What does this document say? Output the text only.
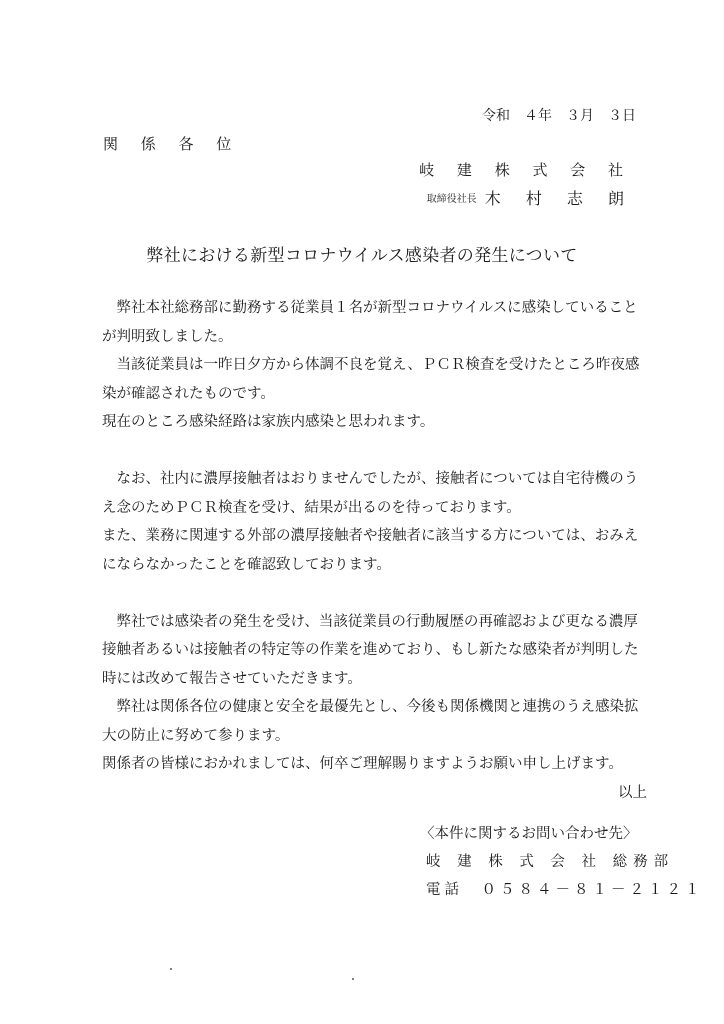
令和　４年　３月　３日
関 係 各 位
岐 建 株 式 会 社
取締役社長 木 村 志 朗
弊社における新型コロナウイルス感染者の発生について

　弊社本社総務部に勤務する従業員１名が新型コロナウイルスに感染していることが判明致しました。

　当該従業員は一昨日夕方から体調不良を覚え、ＰＣＲ検査を受けたところ昨夜感染が確認されたものです。

現在のところ感染経路は家族内感染と思われます。

　なお、社内に濃厚接触者はおりませんでしたが、接触者については自宅待機のうえ念のためＰＣＲ検査を受け、結果が出るのを待っております。

また、業務に関連する外部の濃厚接触者や接触者に該当する方については、おみえにならなかったことを確認致しております。

　弊社では感染者の発生を受け、当該従業員の行動履歴の再確認および更なる濃厚接触者あるいは接触者の特定等の作業を進めており、もし新たな感染者が判明した時には改めて報告させていただきます。

　弊社は関係各位の健康と安全を最優先とし、今後も関係機関と連携のうえ感染拡大の防止に努めて参ります。

関係者の皆様におかれましては、何卒ご理解賜りますようお願い申し上げます。

以上

〈本件に関するお問い合わせ先〉
岐 建 株 式 会 社 総務部
電話　０５８４－８１－２１２１
